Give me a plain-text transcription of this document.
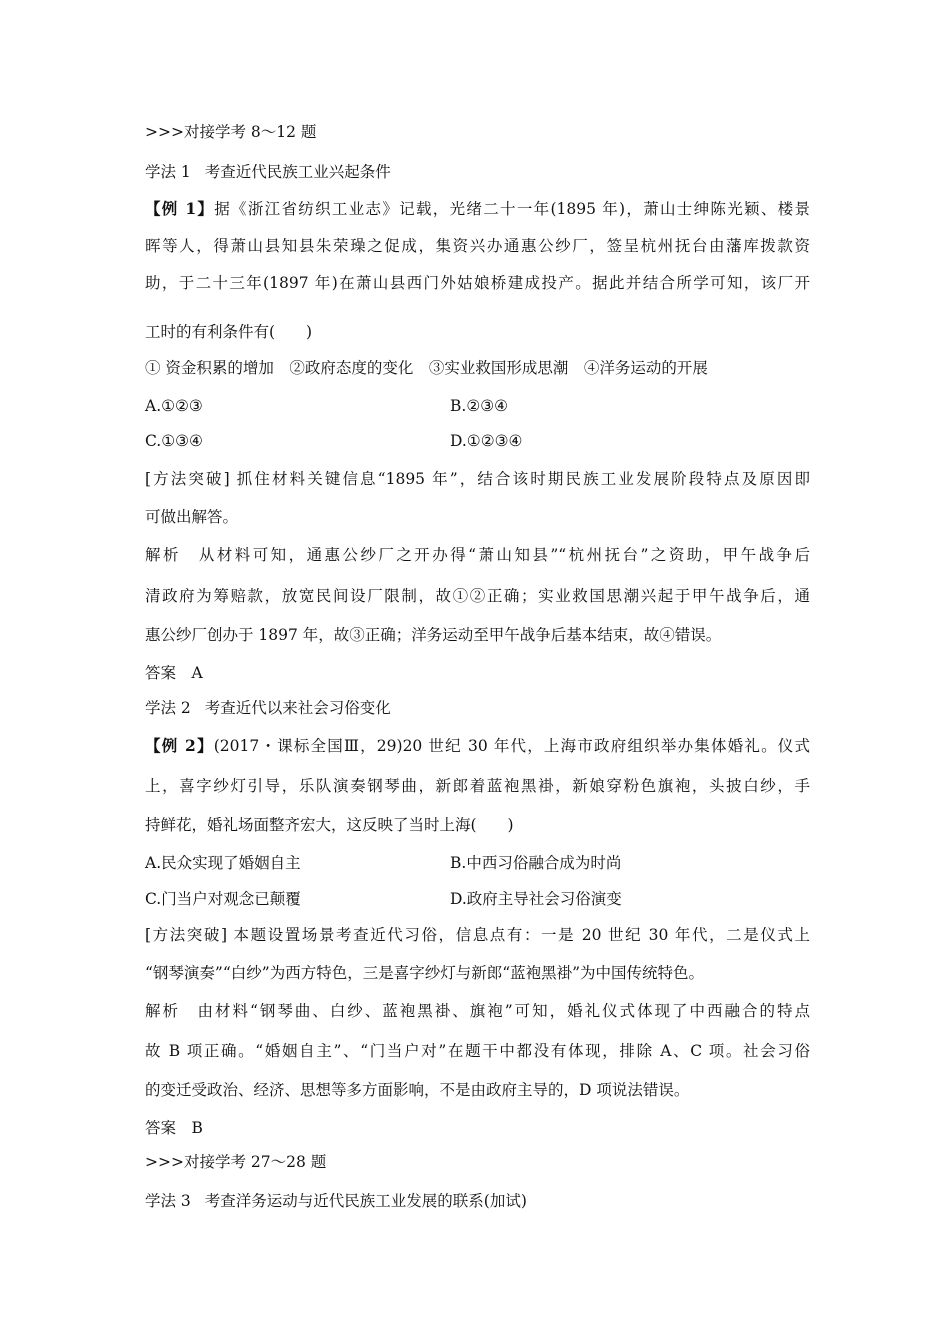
>>>对接学考 8～12 题
学法 1 考查近代民族工业兴起条件
【例 1】据《浙江省纺织工业志》记载，光绪二十一年(1895 年)，萧山士绅陈光颖、楼景
晖等人，得萧山县知县朱荣璪之促成，集资兴办通惠公纱厂，签呈杭州抚台由藩库拨款资
助，于二十三年(1897 年)在萧山县西门外姑娘桥建成投产。据此并结合所学可知，该厂开
工时的有利条件有(　　)
① 资金积累的增加　②政府态度的变化　③实业救国形成思潮　④洋务运动的开展
A.①②③	B.②③④
C.①③④	D.①②③④
[方法突破] 抓住材料关键信息“1895 年”，结合该时期民族工业发展阶段特点及原因即
可做出解答。
解析　从材料可知，通惠公纱厂之开办得“萧山知县”“杭州抚台”之资助，甲午战争后
清政府为筹赔款，放宽民间设厂限制，故①②正确；实业救国思潮兴起于甲午战争后，通
惠公纱厂创办于 1897 年，故③正确；洋务运动至甲午战争后基本结束，故④错误。
答案　A
学法 2 考查近代以来社会习俗变化
【例 2】(2017・课标全国Ⅲ，29)20 世纪 30 年代，上海市政府组织举办集体婚礼。仪式
上，喜字纱灯引导，乐队演奏钢琴曲，新郎着蓝袍黑褂，新娘穿粉色旗袍，头披白纱，手
持鲜花，婚礼场面整齐宏大，这反映了当时上海(　　)
A.民众实现了婚姻自主	B.中西习俗融合成为时尚
C.门当户对观念已颠覆	D.政府主导社会习俗演变
[方法突破] 本题设置场景考查近代习俗，信息点有：一是 20 世纪 30 年代，二是仪式上
“钢琴演奏”“白纱”为西方特色，三是喜字纱灯与新郎“蓝袍黑褂”为中国传统特色。
解析　由材料“钢琴曲、白纱、蓝袍黑褂、旗袍”可知，婚礼仪式体现了中西融合的特点
故 B 项正确。“婚姻自主”、“门当户对”在题干中都没有体现，排除 A、C 项。社会习俗
的变迁受政治、经济、思想等多方面影响，不是由政府主导的，D 项说法错误。
答案　B
>>>对接学考 27～28 题
学法 3 考查洋务运动与近代民族工业发展的联系(加试)
